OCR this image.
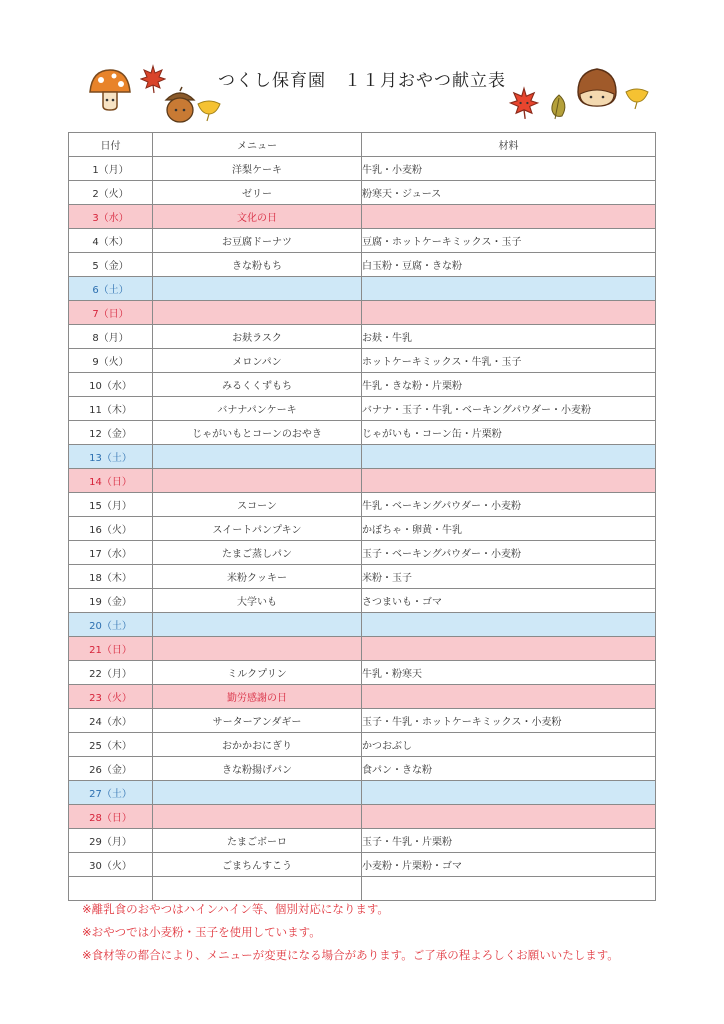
つくし保育園　１１月おやつ献立表
日付	メニュー	材料
1（月）	洋梨ケーキ	牛乳・小麦粉
2（火）	ゼリー	粉寒天・ジュース
3（水）	文化の日	
4（木）	お豆腐ドーナツ	豆腐・ホットケーキミックス・玉子
5（金）	きな粉もち	白玉粉・豆腐・きな粉
6（土）		
7（日）		
8（月）	お麸ラスク	お麸・牛乳
9（火）	メロンパン	ホットケーキミックス・牛乳・玉子
10（水）	みるくくずもち	牛乳・きな粉・片栗粉
11（木）	バナナパンケーキ	バナナ・玉子・牛乳・ベーキングパウダー・小麦粉
12（金）	じゃがいもとコーンのおやき	じゃがいも・コーン缶・片栗粉
13（土）		
14（日）		
15（月）	スコーン	牛乳・ベーキングパウダー・小麦粉
16（火）	スイートパンプキン	かぼちゃ・卵黄・牛乳
17（水）	たまご蒸しパン	玉子・ベーキングパウダー・小麦粉
18（木）	米粉クッキー	米粉・玉子
19（金）	大学いも	さつまいも・ゴマ
20（土）		
21（日）		
22（月）	ミルクプリン	牛乳・粉寒天
23（火）	勤労感謝の日	
24（水）	サーターアンダギー	玉子・牛乳・ホットケーキミックス・小麦粉
25（木）	おかかおにぎり	かつおぶし
26（金）	きな粉揚げパン	食パン・きな粉
27（土）		
28（日）		
29（月）	たまごボーロ	玉子・牛乳・片栗粉
30（火）	ごまちんすこう	小麦粉・片栗粉・ゴマ

※離乳食のおやつはハインハイン等、個別対応になります。
※おやつでは小麦粉・玉子を使用しています。
※食材等の都合により、メニューが変更になる場合があります。ご了承の程よろしくお願いいたします。
